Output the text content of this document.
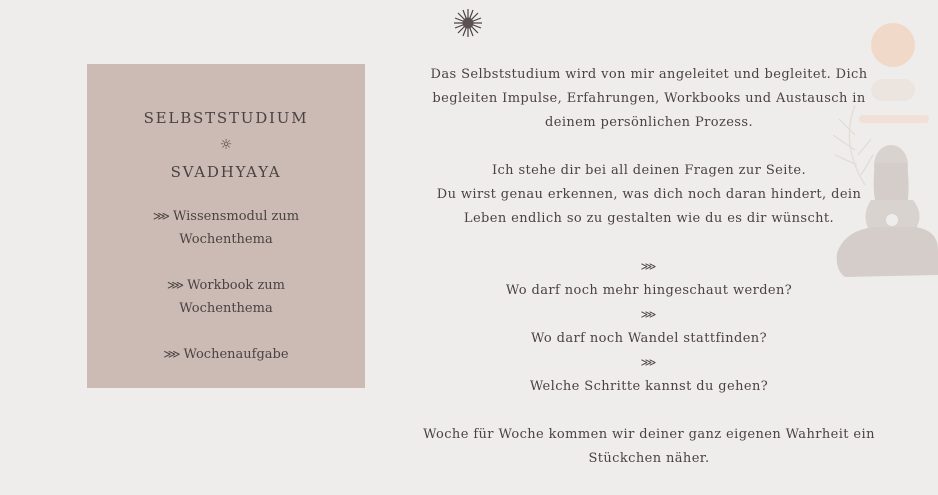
SELBSTSTUDIUM
☼
SVADHYAYA
⋙ Wissensmodul zum
Wochenthema
⋙ Workbook zum
Wochenthema
⋙ Wochenaufgabe
Das Selbststudium wird von mir angeleitet und begleitet. Dich
begleiten Impulse, Erfahrungen, Workbooks und Austausch in
deinem persönlichen Prozess.
Ich stehe dir bei all deinen Fragen zur Seite.
Du wirst genau erkennen, was dich noch daran hindert, dein
Leben endlich so zu gestalten wie du es dir wünscht.
⋙
Wo darf noch mehr hingeschaut werden?
⋙
Wo darf noch Wandel stattfinden?
⋙
Welche Schritte kannst du gehen?
Woche für Woche kommen wir deiner ganz eigenen Wahrheit ein
Stückchen näher.
